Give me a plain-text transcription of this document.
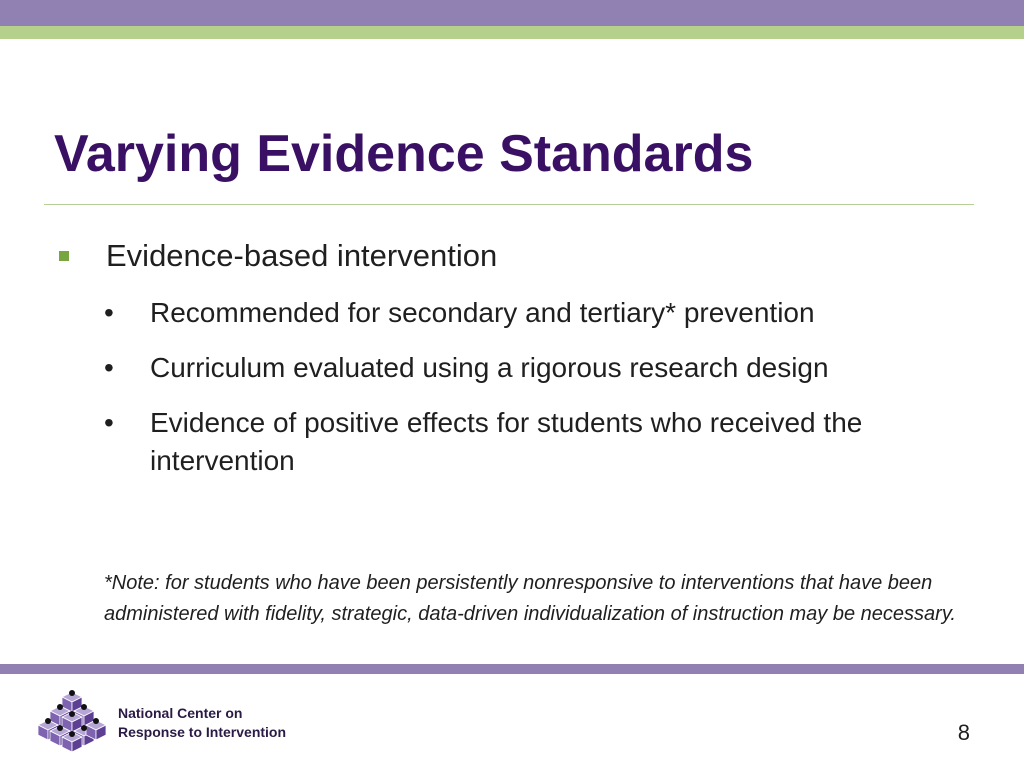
Varying Evidence Standards
Evidence-based intervention
•	Recommended for secondary and tertiary* prevention
•	Curriculum evaluated using a rigorous research design
•	Evidence of positive effects for students who received the intervention
*Note: for students who have been persistently nonresponsive to interventions that have been administered with fidelity, strategic, data-driven individualization of instruction may be necessary.
National Center on
Response to Intervention	8
